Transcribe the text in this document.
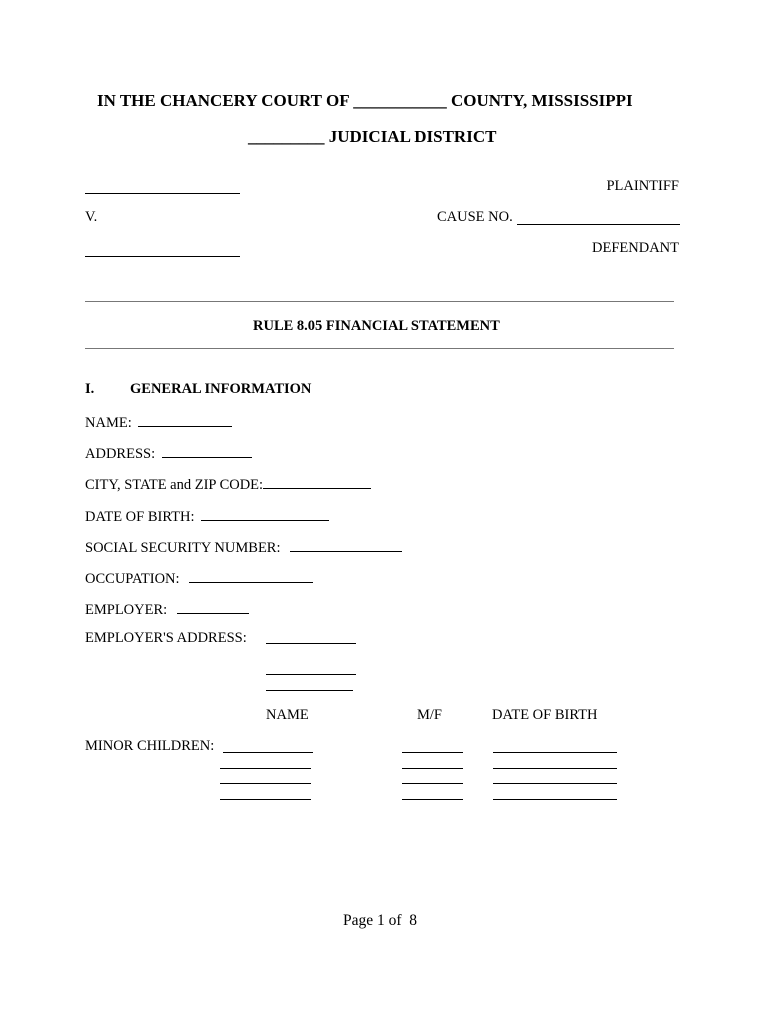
IN THE CHANCERY COURT OF ___________ COUNTY, MISSISSIPPI
_________ JUDICIAL DISTRICT
PLAINTIFF
V.	CAUSE NO.
DEFENDANT
RULE 8.05 FINANCIAL STATEMENT
I. GENERAL INFORMATION
NAME:
ADDRESS:
CITY, STATE and ZIP CODE:
DATE OF BIRTH:
SOCIAL SECURITY NUMBER:
OCCUPATION:
EMPLOYER:
EMPLOYER'S ADDRESS:
NAME	M/F	DATE OF BIRTH
MINOR CHILDREN:
Page 1 of  8
